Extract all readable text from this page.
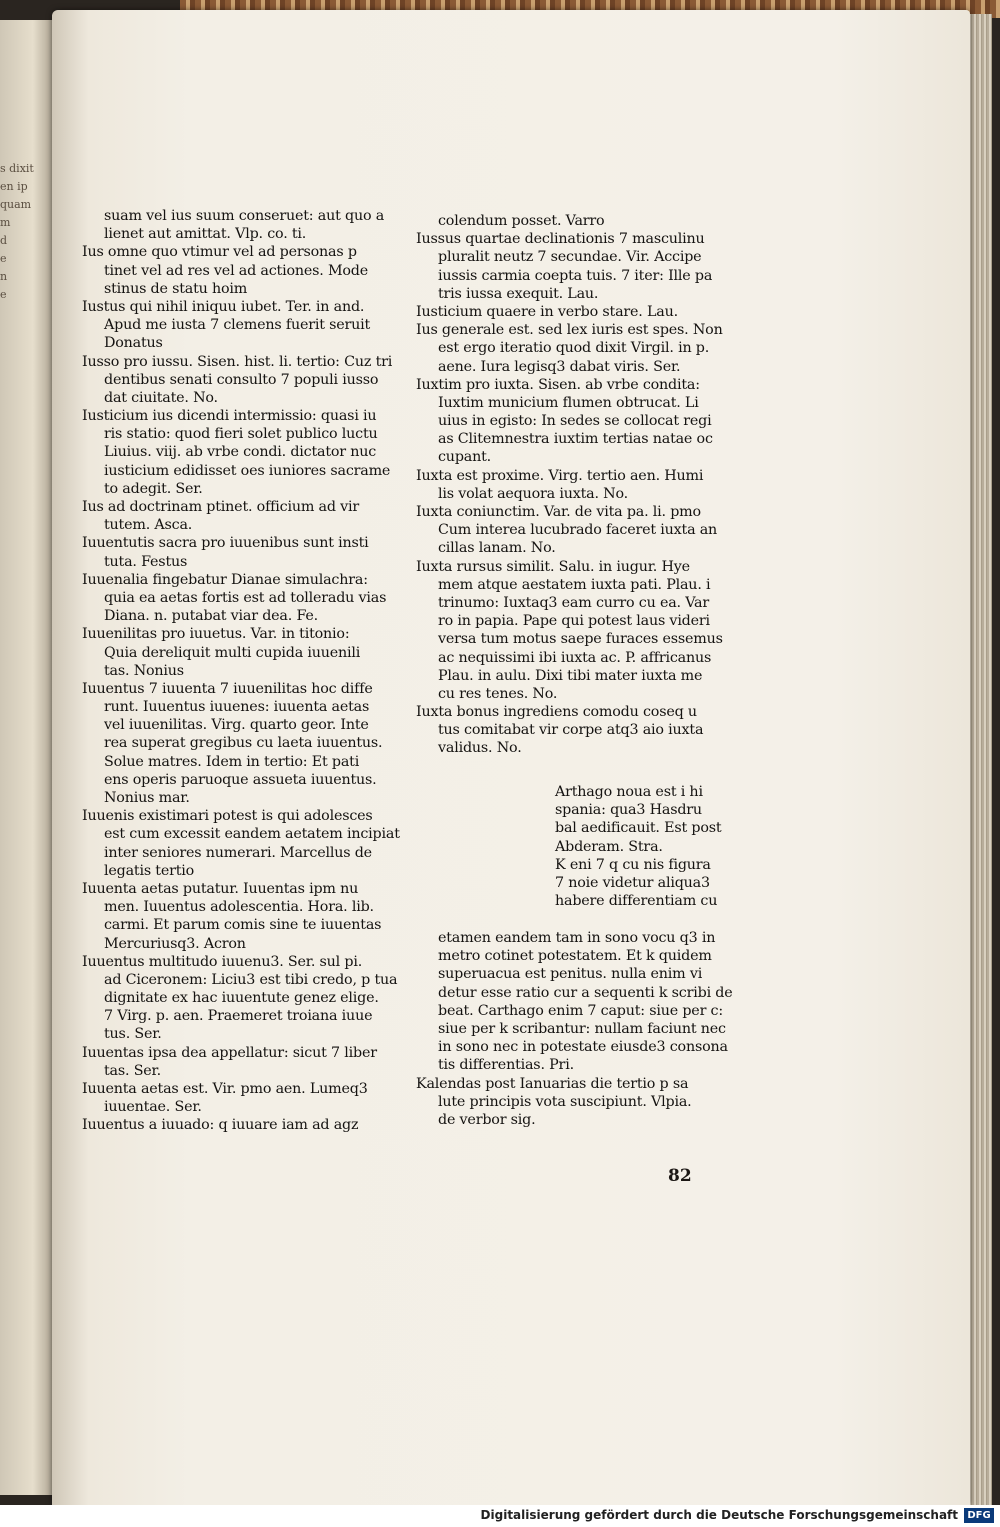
s dixit
en ip
quam
m
d
e
n
e
suam vel ius suum conseruet: aut quo a
lienet aut amittat. Vlp. co. ti.
Ius omne quo vtimur vel ad personas p
tinet vel ad res vel ad actiones. Mode
stinus de statu hoim
Iustus qui nihil iniquu iubet. Ter. in and.
Apud me iusta 7 clemens fuerit seruit
Donatus
Iusso pro iussu. Sisen. hist. li. tertio: Cuz tri
dentibus senati consulto 7 populi iusso
dat ciuitate. No.
Iusticium ius dicendi intermissio: quasi iu
ris statio: quod fieri solet publico luctu
Liuius. viij. ab vrbe condi. dictator nuc
iusticium edidisset oes iuniores sacrame
to adegit. Ser.
Ius ad doctrinam ptinet. officium ad vir
tutem. Asca.
Iuuentutis sacra pro iuuenibus sunt insti
tuta. Festus
Iuuenalia fingebatur Dianae simulachra:
quia ea aetas fortis est ad tolleradu vias
Diana. n. putabat viar dea. Fe.
Iuuenilitas pro iuuetus. Var. in titonio:
Quia dereliquit multi cupida iuuenili
tas. Nonius
Iuuentus 7 iuuenta 7 iuuenilitas hoc diffe
runt. Iuuentus iuuenes: iuuenta aetas
vel iuuenilitas. Virg. quarto geor. Inte
rea superat gregibus cu laeta iuuentus.
Solue matres. Idem in tertio: Et pati
ens operis paruoque assueta iuuentus.
Nonius mar.
Iuuenis existimari potest is qui adolesces
est cum excessit eandem aetatem incipiat
inter seniores numerari. Marcellus de
legatis tertio
Iuuenta aetas putatur. Iuuentas ipm nu
men. Iuuentus adolescentia. Hora. lib.
carmi. Et parum comis sine te iuuentas
Mercuriusq3. Acron
Iuuentus multitudo iuuenu3. Ser. sul pi.
ad Ciceronem: Liciu3 est tibi credo, p tua
dignitate ex hac iuuentute genez elige.
7 Virg. p. aen. Praemeret troiana iuue
tus. Ser.
Iuuentas ipsa dea appellatur: sicut 7 liber
tas. Ser.
Iuuenta aetas est. Vir. pmo aen. Lumeq3
iuuentae. Ser.
Iuuentus a iuuado: q iuuare iam ad agz
colendum posset. Varro
Iussus quartae declinationis 7 masculinu
pluralit neutz 7 secundae. Vir. Accipe
iussis carmia coepta tuis. 7 iter: Ille pa
tris iussa exequit. Lau.
Iusticium quaere in verbo stare. Lau.
Ius generale est. sed lex iuris est spes. Non
est ergo iteratio quod dixit Virgil. in p.
aene. Iura legisq3 dabat viris. Ser.
Iuxtim pro iuxta. Sisen. ab vrbe condita:
Iuxtim municium flumen obtrucat. Li
uius in egisto: In sedes se collocat regi
as Clitemnestra iuxtim tertias natae oc
cupant.
Iuxta est proxime. Virg. tertio aen. Humi
lis volat aequora iuxta. No.
Iuxta coniunctim. Var. de vita pa. li. pmo
Cum interea lucubrado faceret iuxta an
cillas lanam. No.
Iuxta rursus similit. Salu. in iugur. Hye
mem atque aestatem iuxta pati. Plau. i
trinumo: Iuxtaq3 eam curro cu ea. Var
ro in papia. Pape qui potest laus videri
versa tum motus saepe furaces essemus
ac nequissimi ibi iuxta ac. P. affricanus
Plau. in aulu. Dixi tibi mater iuxta me
cu res tenes. No.
Iuxta bonus ingrediens comodu coseq u
tus comitabat vir corpe atq3 aio iuxta
validus. No.
Arthago noua est i hi
spania: qua3 Hasdru
bal aedificauit. Est post
Abderam. Stra.
K eni 7 q cu nis figura
7 noie videtur aliqua3
habere differentiam cu
etamen eandem tam in sono vocu q3 in
metro cotinet potestatem. Et k quidem
superuacua est penitus. nulla enim vi
detur esse ratio cur a sequenti k scribi de
beat. Carthago enim 7 caput: siue per c:
siue per k scribantur: nullam faciunt nec
in sono nec in potestate eiusde3 consona
tis differentias. Pri.
Kalendas post Ianuarias die tertio p sa
lute principis vota suscipiunt. Vlpia.
de verbor sig.
82
Digitalisierung gefördert durch die Deutsche Forschungsgemeinschaft DFG
